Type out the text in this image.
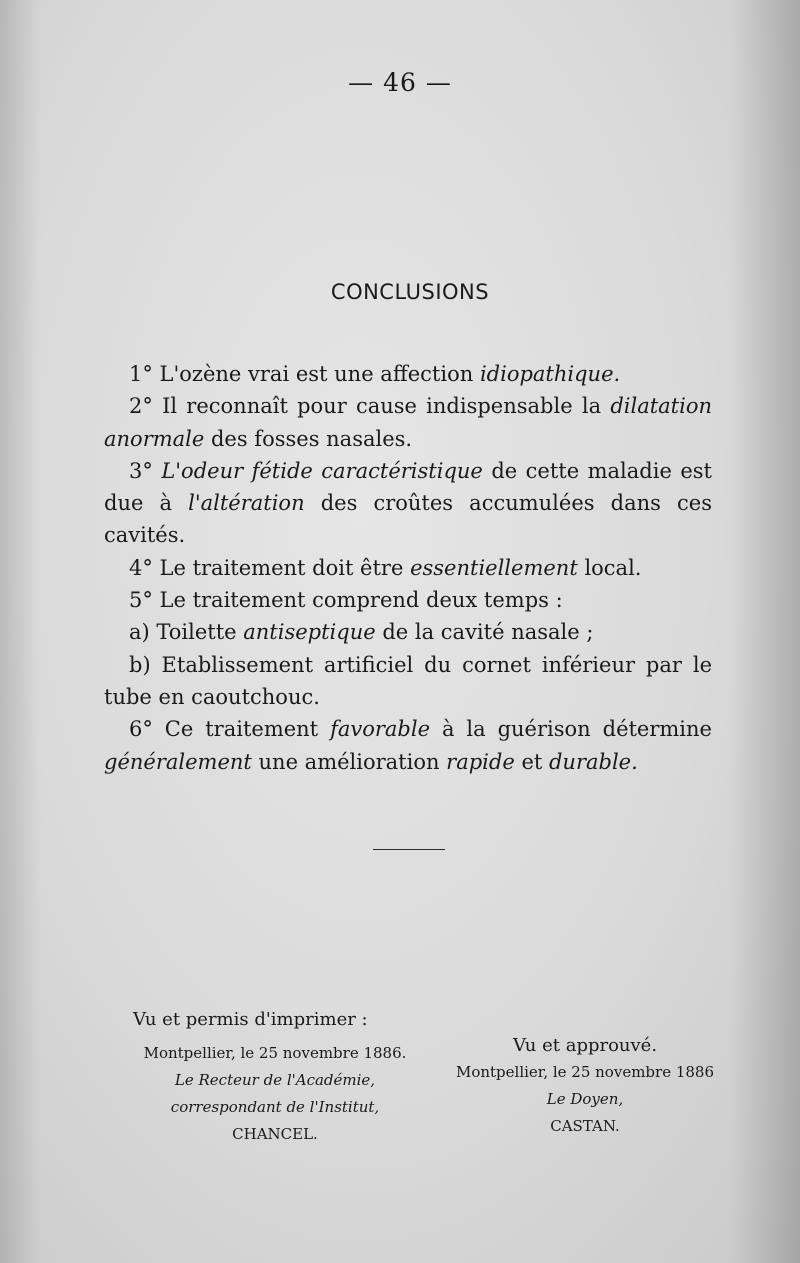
— 46 —
CONCLUSIONS

1° L'ozène vrai est une affection idiopathique.

2° Il reconnaît pour cause indispensable la dilatation anormale des fosses nasales.

3° L'odeur fétide caractéristique de cette maladie est due à l'altération des croûtes accumulées dans ces cavités.

4° Le traitement doit être essentiellement local.

5° Le traitement comprend deux temps :

a) Toilette antiseptique de la cavité nasale ;

b) Etablissement artificiel du cornet inférieur par le tube en caoutchouc.

6° Ce traitement favorable à la guérison détermine généralement une amélioration rapide et durable.

Vu et permis d'imprimer :
Montpellier, le 25 novembre 1886.
Le Recteur de l'Académie,
correspondant de l'Institut,
CHANCEL.
Vu et approuvé.
Montpellier, le 25 novembre 1886
Le Doyen,
CASTAN.
